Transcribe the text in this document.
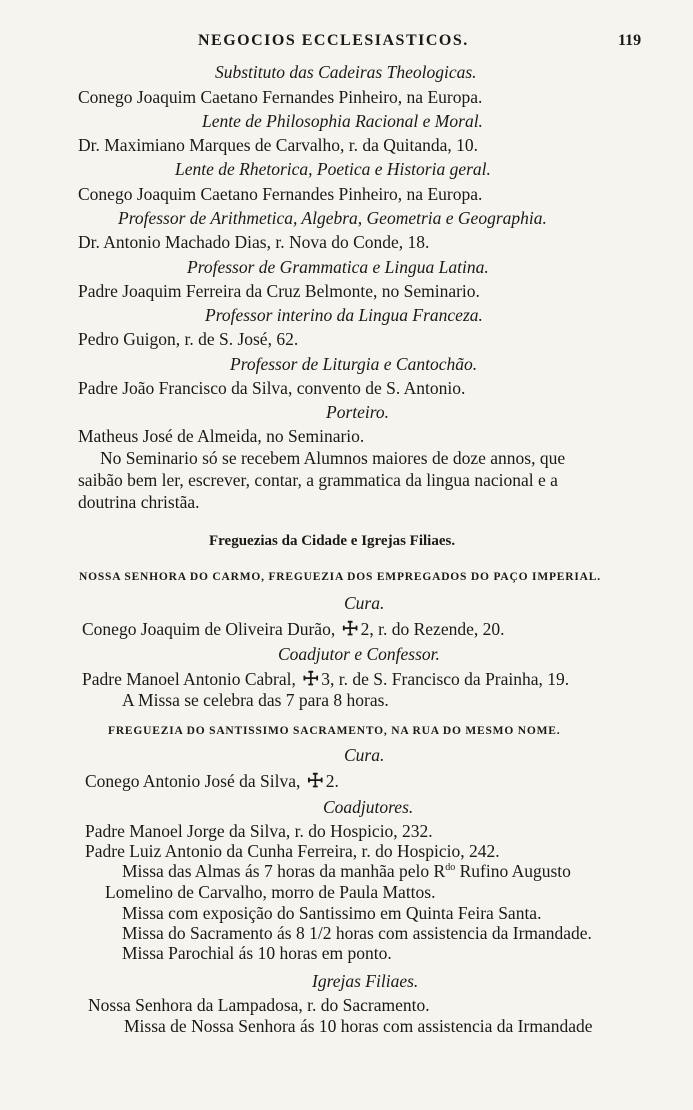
NEGOCIOS ECCLESIASTICOS.	119
Substituto das Cadeiras Theologicas.
Conego Joaquim Caetano Fernandes Pinheiro, na Europa.
Lente de Philosophia Racional e Moral.
Dr. Maximiano Marques de Carvalho, r. da Quitanda, 10.
Lente de Rhetorica, Poetica e Historia geral.
Conego Joaquim Caetano Fernandes Pinheiro, na Europa.
Professor de Arithmetica, Algebra, Geometria e Geographia.
Dr. Antonio Machado Dias, r. Nova do Conde, 18.
Professor de Grammatica e Lingua Latina.
Padre Joaquim Ferreira da Cruz Belmonte, no Seminario.
Professor interino da Lingua Franceza.
Pedro Guigon, r. de S. José, 62.
Professor de Liturgia e Cantochão.
Padre João Francisco da Silva, convento de S. Antonio.
Porteiro.
Matheus José de Almeida, no Seminario.
No Seminario só se recebem Alumnos maiores de doze annos, que
saibão bem ler, escrever, contar, a grammatica da lingua nacional e a
doutrina christãa.
Freguezias da Cidade e Igrejas Filiaes.
NOSSA SENHORA DO CARMO, FREGUEZIA DOS EMPREGADOS DO PAÇO IMPERIAL.
Cura.
Conego Joaquim de Oliveira Durão, ☩ 2, r. do Rezende, 20.
Coadjutor e Confessor.
Padre Manoel Antonio Cabral, ☩ 3, r. de S. Francisco da Prainha, 19.
A Missa se celebra das 7 para 8 horas.
FREGUEZIA DO SANTISSIMO SACRAMENTO, NA RUA DO MESMO NOME.
Cura.
Conego Antonio José da Silva, ☩ 2.
Coadjutores.
Padre Manoel Jorge da Silva, r. do Hospicio, 232.
Padre Luiz Antonio da Cunha Ferreira, r. do Hospicio, 242.
Missa das Almas ás 7 horas da manhãa pelo $R^{do}$ Rufino Augusto
Lomelino de Carvalho, morro de Paula Mattos.
Missa com exposição do Santissimo em Quinta Feira Santa.
Missa do Sacramento ás 8 1/2 horas com assistencia da Irmandade.
Missa Parochial ás 10 horas em ponto.
Igrejas Filiaes.
Nossa Senhora da Lampadosa, r. do Sacramento.
Missa de Nossa Senhora ás 10 horas com assistencia da Irmandade
